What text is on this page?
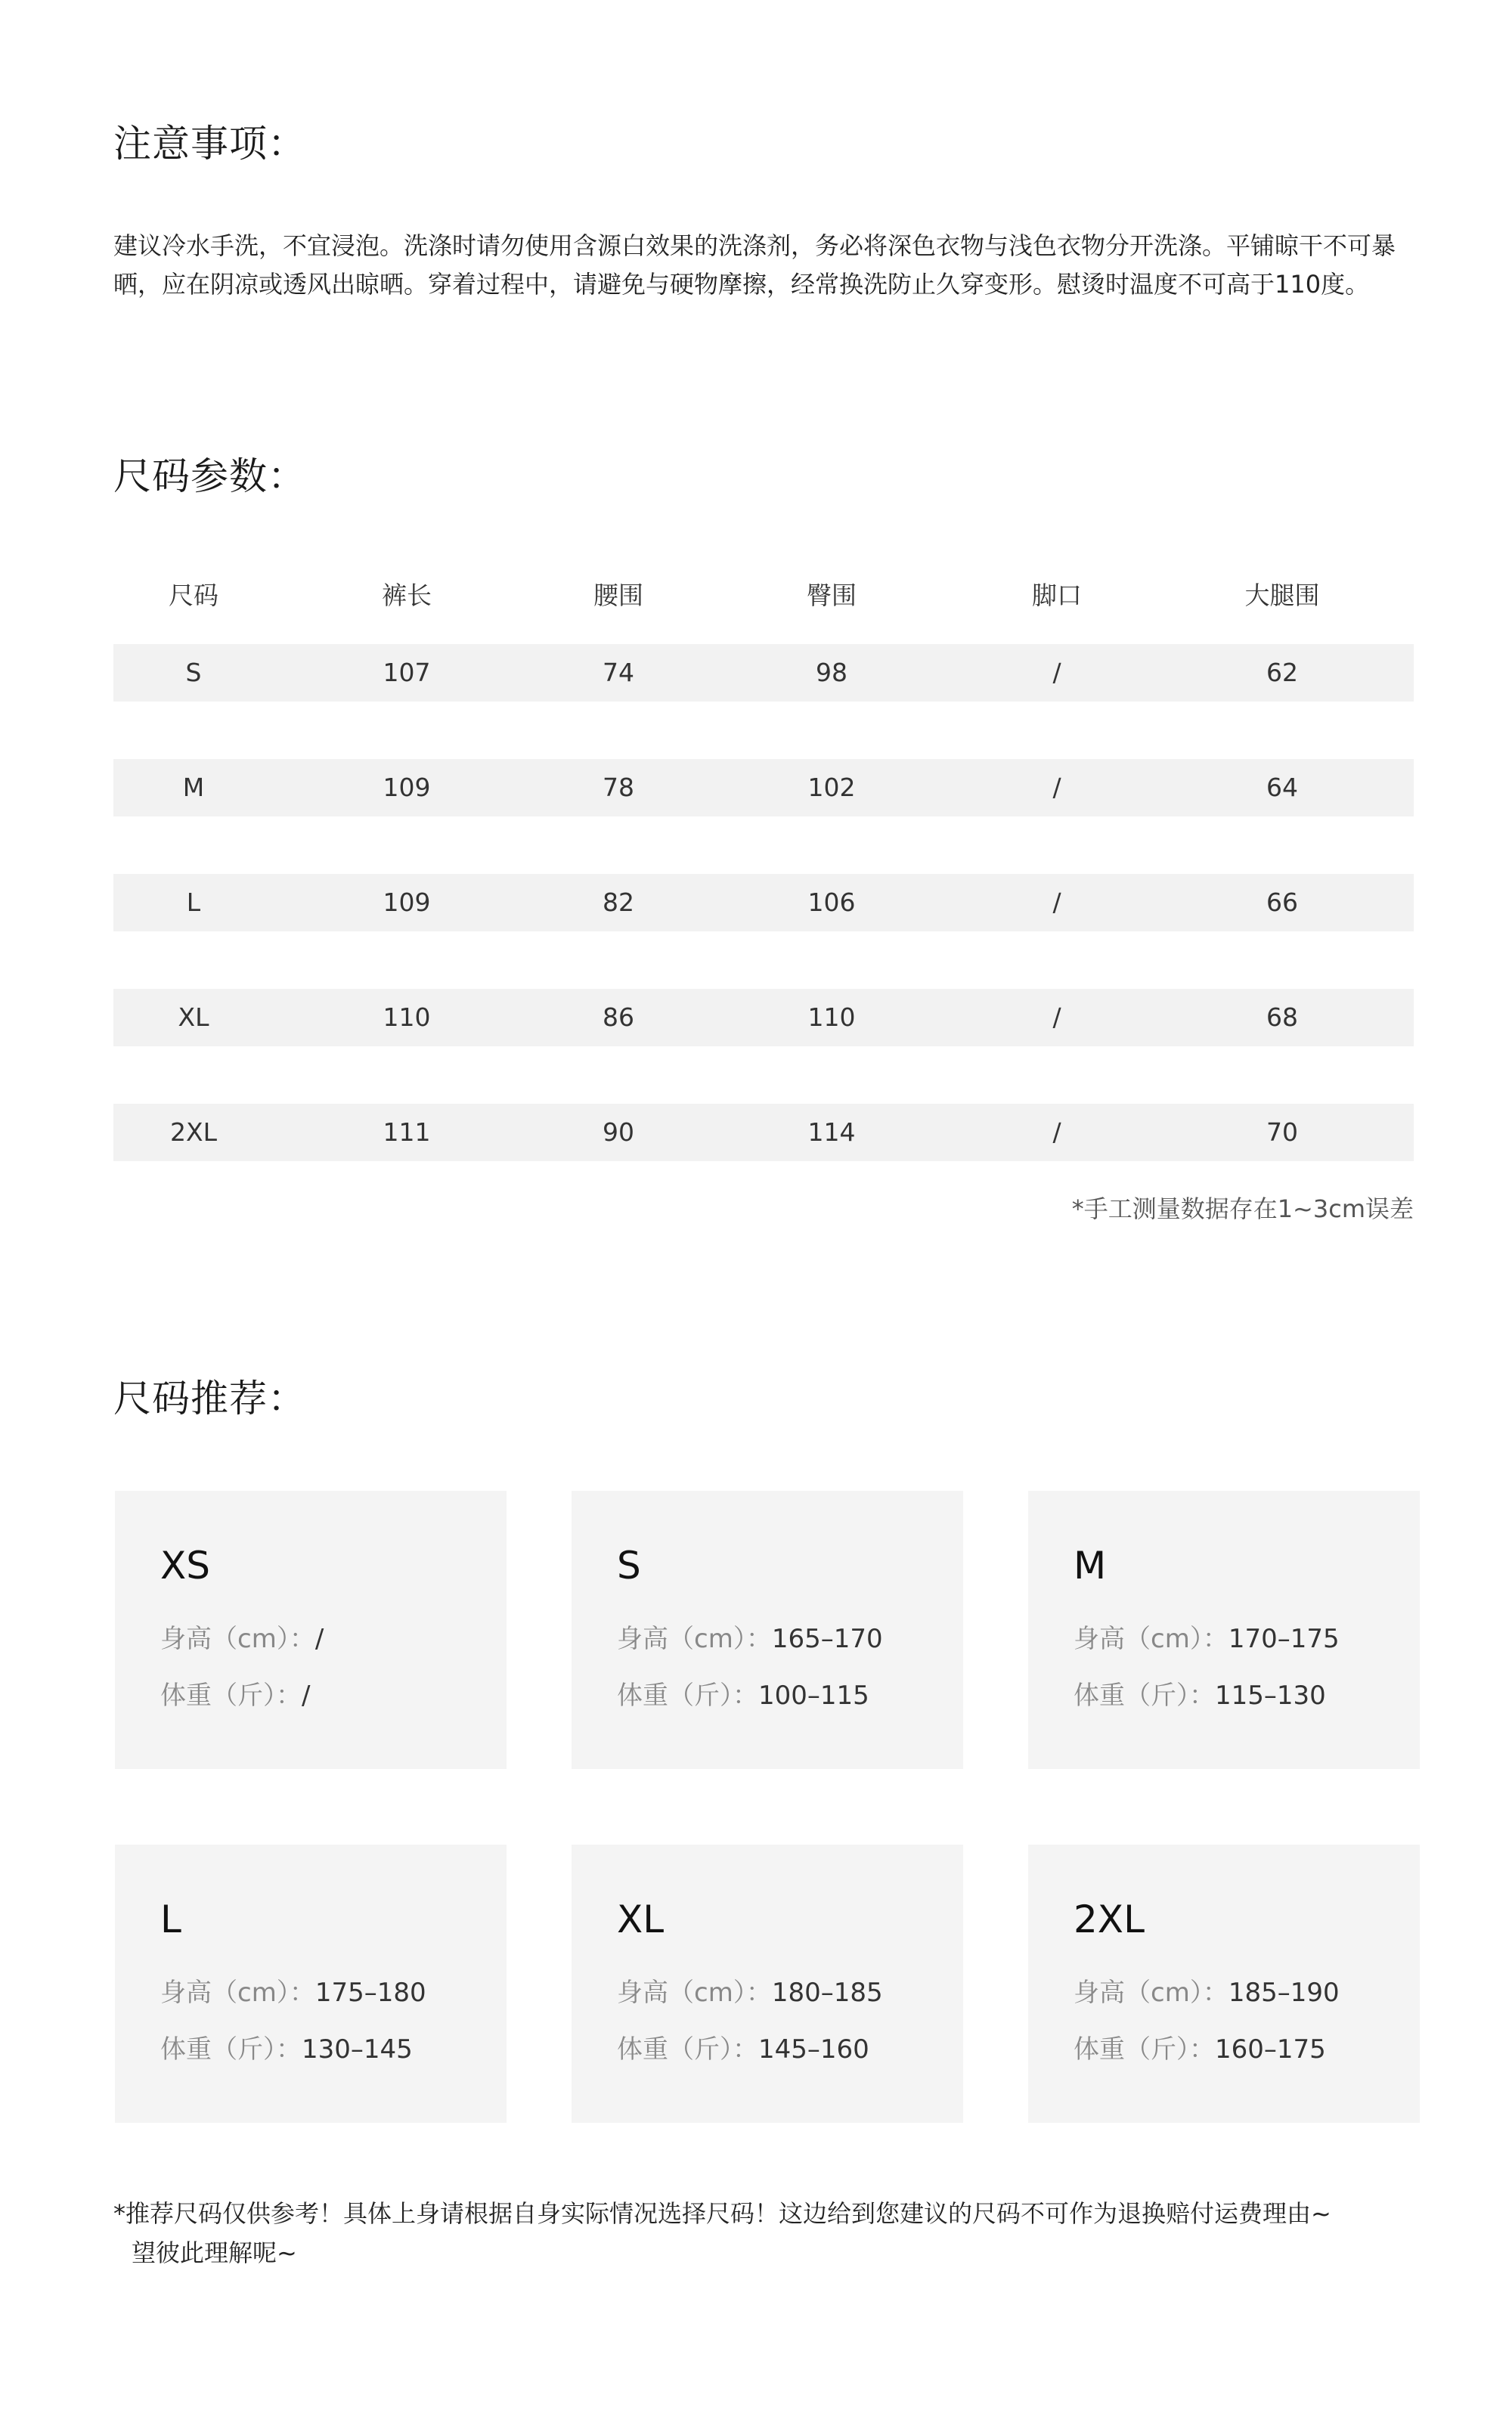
注意事项：
建议冷水手洗，不宜浸泡。洗涤时请勿使用含源白效果的洗涤剂，务必将深色衣物与浅色衣物分开洗涤。平铺晾干不可暴晒，应在阴凉或透风出晾晒。穿着过程中，请避免与硬物摩擦，经常换洗防止久穿变形。慰烫时温度不可高于110度。
尺码参数：
尺码	裤长	腰围	臀围	脚口	大腿围
S	107	74	98	/	62
M	109	78	102	/	64
L	109	82	106	/	66
XL	110	86	110	/	68
2XL	111	90	114	/	70
*手工测量数据存在1~3cm误差
尺码推荐：
XS
身高（cm）：/
体重（斤）：/
S
身高（cm）：165–170
体重（斤）：100–115
M
身高（cm）：170–175
体重（斤）：115–130
L
身高（cm）：175–180
体重（斤）：130–145
XL
身高（cm）：180–185
体重（斤）：145–160
2XL
身高（cm）：185–190
体重（斤）：160–175
*推荐尺码仅供参考！具体上身请根据自身实际情况选择尺码！这边给到您建议的尺码不可作为退换赔付运费理由~
望彼此理解呢~
